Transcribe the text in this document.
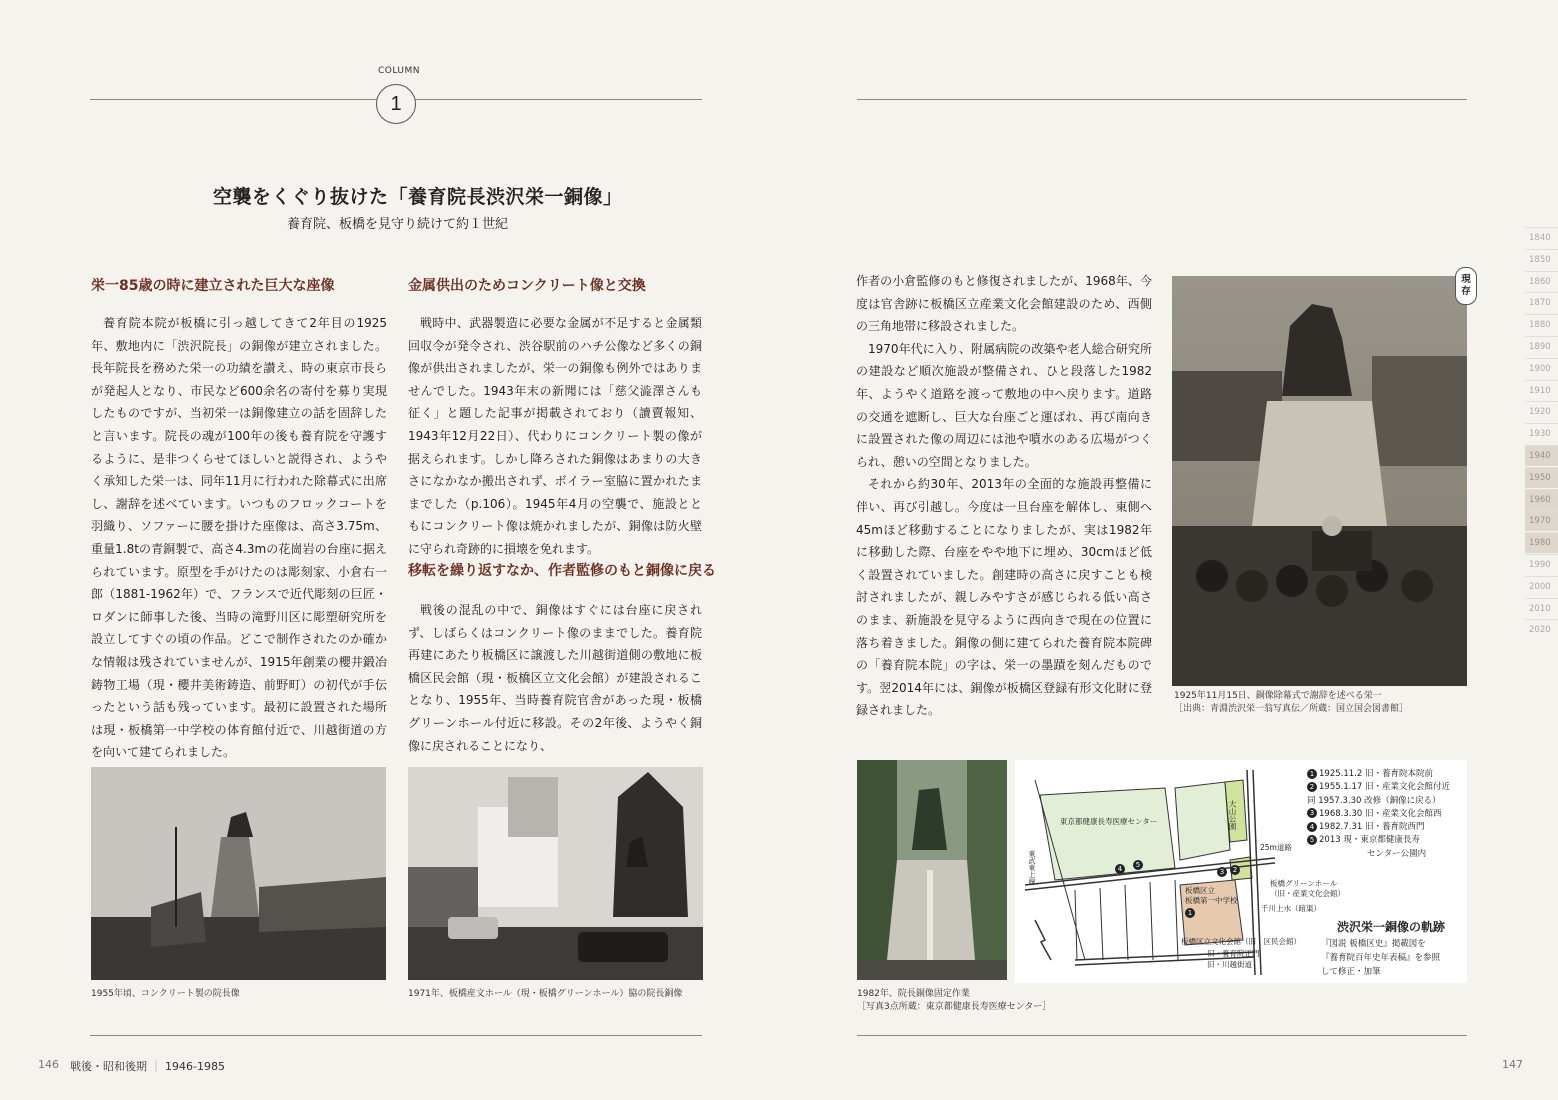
COLUMN
1
空襲をくぐり抜けた「養育院長渋沢栄一銅像」
養育院、板橋を見守り続けて約１世紀
栄一85歳の時に建立された巨大な座像

養育院本院が板橋に引っ越してきて2年目の1925年、敷地内に「渋沢院長」の銅像が建立されました。長年院長を務めた栄一の功績を讃え、時の東京市長らが発起人となり、市民など600余名の寄付を募り実現したものですが、当初栄一は銅像建立の話を固辞したと言います。院長の魂が100年の後も養育院を守護するように、是非つくらせてほしいと説得され、ようやく承知した栄一は、同年11月に行われた除幕式に出席し、謝辞を述べています。いつものフロックコートを羽織り、ソファーに腰を掛けた座像は、高さ3.75m、重量1.8tの青銅製で、高さ4.3mの花崗岩の台座に据えられています。原型を手がけたのは彫刻家、小倉右一郎（1881-1962年）で、フランスで近代彫刻の巨匠・ロダンに師事した後、当時の滝野川区に彫塑研究所を設立してすぐの頃の作品。どこで制作されたのか確かな情報は残されていませんが、1915年創業の櫻井鍛冶鋳物工場（現・櫻井美術鋳造、前野町）の初代が手伝ったという話も残っています。最初に設置された場所は現・板橋第一中学校の体育館付近で、川越街道の方を向いて建てられました。

金属供出のためコンクリート像と交換

戦時中、武器製造に必要な金属が不足すると金属類回収令が発令され、渋谷駅前のハチ公像など多くの銅像が供出されましたが、栄一の銅像も例外ではありませんでした。1943年末の新聞には「慈父澁澤さんも征く」と題した記事が掲載されており（讀賣報知、1943年12月22日）、代わりにコンクリート製の像が据えられます。しかし降ろされた銅像はあまりの大きさになかなか搬出されず、ボイラー室脇に置かれたままでした（p.106）。1945年4月の空襲で、施設とともにコンクリート像は焼かれましたが、銅像は防火壁に守られ奇跡的に損壊を免れます。

移転を繰り返すなか、作者監修のもと銅像に戻る

戦後の混乱の中で、銅像はすぐには台座に戻されず、しばらくはコンクリート像のままでした。養育院再建にあたり板橋区に譲渡した川越街道側の敷地に板橋区民会館（現・板橋区立文化会館）が建設されることなり、1955年、当時養育院官舎があった現・板橋グリーンホール付近に移設。その2年後、ようやく銅像に戻されることになり、

作者の小倉監修のもと修復されましたが、1968年、今度は官舎跡に板橋区立産業文化会館建設のため、西側の三角地帯に移設されました。

1970年代に入り、附属病院の改築や老人総合研究所の建設など順次施設が整備され、ひと段落した1982年、ようやく道路を渡って敷地の中へ戻ります。道路の交通を遮断し、巨大な台座ごと運ばれ、再び南向きに設置された像の周辺には池や噴水のある広場がつくられ、憩いの空間となりました。

それから約30年、2013年の全面的な施設再整備に伴い、再び引越し。今度は一旦台座を解体し、東側へ45mほど移動することになりましたが、実は1982年に移動した際、台座をやや地下に埋め、30cmほど低く設置されていました。創建時の高さに戻すことも検討されましたが、親しみやすさが感じられる低い高さのまま、新施設を見守るように西向きで現在の位置に落ち着きました。銅像の側に建てられた養育院本院碑の「養育院本院」の字は、栄一の墨蹟を刻んだものです。翌2014年には、銅像が板橋区登録有形文化財に登録されました。

現
存
1925年11月15日、銅像除幕式で謝辞を述べる栄一
［出典：青淵渋沢栄一翁写真伝／所蔵：国立国会図書館］
1955年頃、コンクリート製の院長像	1971年、板橋産文ホール（現・板橋グリーンホール）脇の院長銅像	1982年、院長銅像固定作業
［写真3点所蔵：東京都健康長寿医療センター］
東京都健康長寿医療センター	大山公園
25m道路
東武東上線
板橋区立
板橋第一中学校
板橋グリーンホール
（旧・産業文化会館）
千川上水（暗渠）
板橋区立文化会館（旧・区民会館）
旧・養育院正門
旧・川越街道
1
2
3
4	5
1 1925.11.2 旧・養育院本院前
2 1955.1.17 旧・産業文化会館付近
同 1957.3.30 改修（銅像に戻る）
3 1968.3.30 旧・産業文化会館西
4 1982.7.31 旧・養育院西門
5 2013 現・東京都健康長寿
センター公園内
渋沢栄一銅像の軌跡
『図説 板橋区史』掲載図を
『養育院百年史年表稿』を参照
して修正・加筆
1840
1850
1860
1870
1880
1890
1900
1910
1920
1930
1940
1950
1960
1970
1980
1990
2000
2010
2020
146 戦後・昭和後期 ｜ 1946-1985	147
